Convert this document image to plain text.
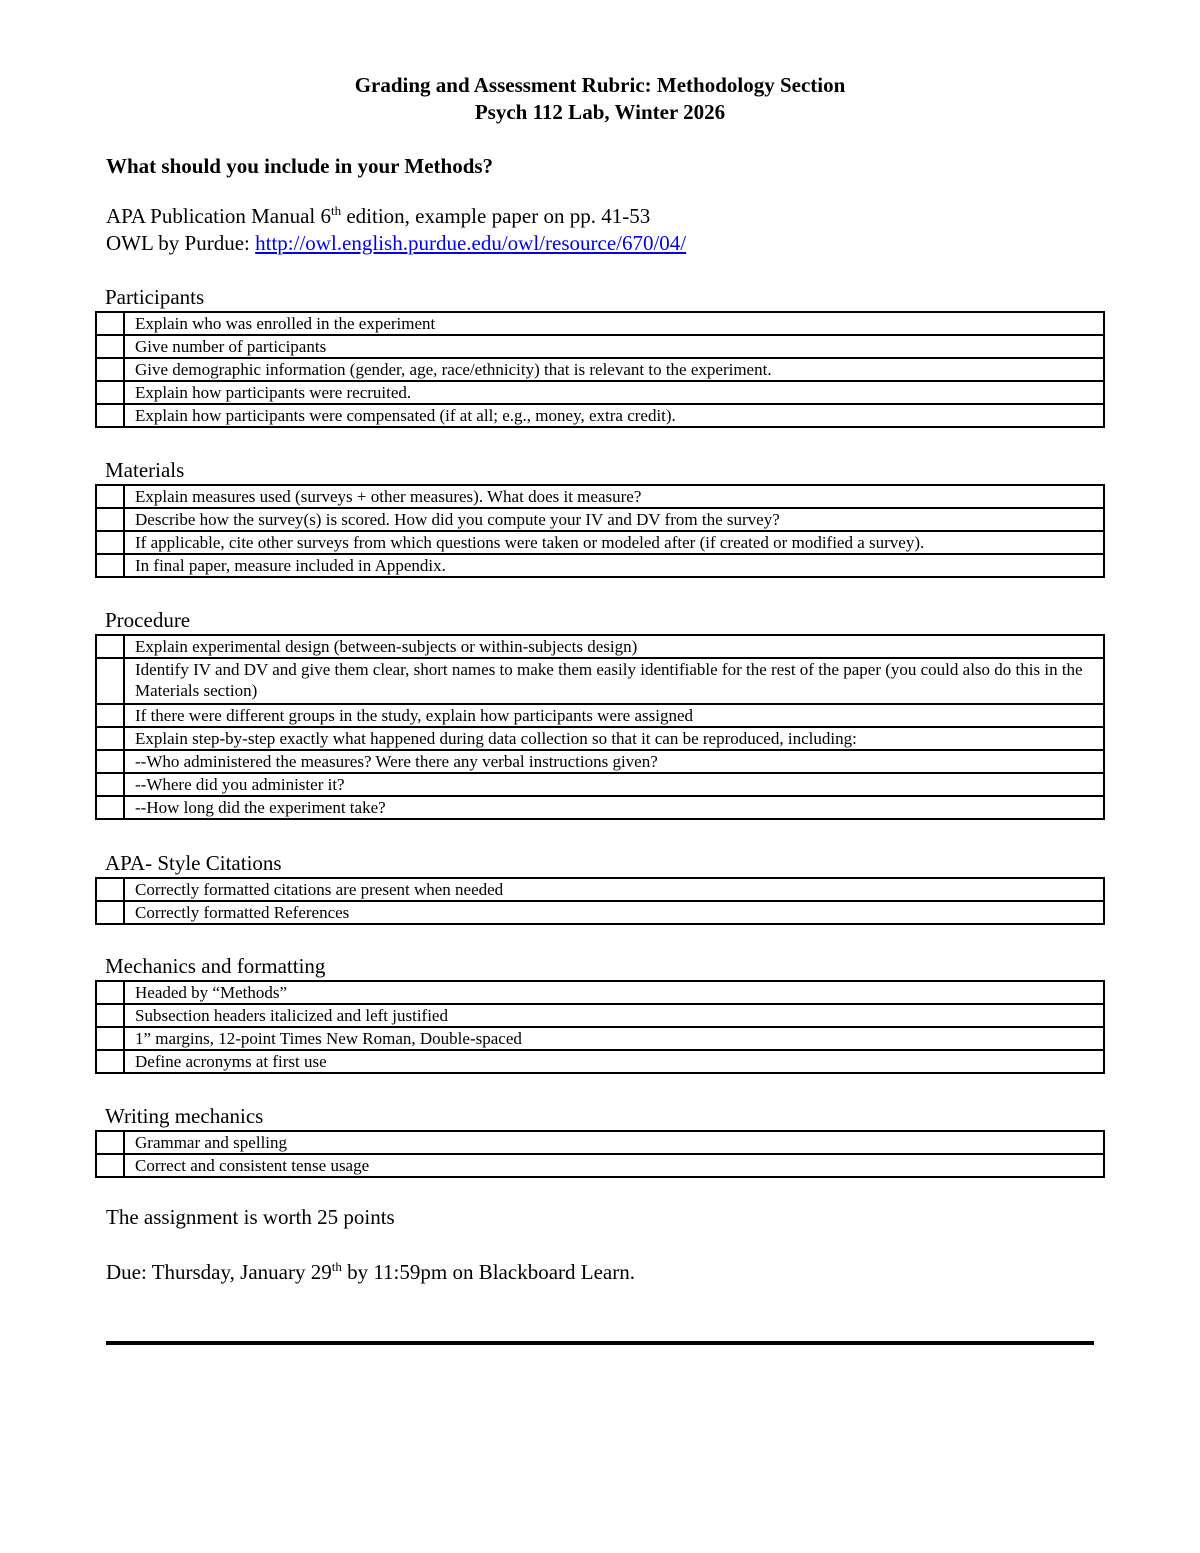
Grading and Assessment Rubric: Methodology Section
Psych 112 Lab, Winter 2026
What should you include in your Methods?
APA Publication Manual 6th edition, example paper on pp. 41-53
OWL by Purdue: http://owl.english.purdue.edu/owl/resource/670/04/
Participants
	Explain who was enrolled in the experiment
	Give number of participants
	Give demographic information (gender, age, race/ethnicity) that is relevant to the experiment.
	Explain how participants were recruited.
	Explain how participants were compensated (if at all; e.g., money, extra credit).
Materials
	Explain measures used (surveys + other measures). What does it measure?
	Describe how the survey(s) is scored. How did you compute your IV and DV from the survey?
	If applicable, cite other surveys from which questions were taken or modeled after (if created or modified a survey).
	In final paper, measure included in Appendix.
Procedure
	Explain experimental design (between-subjects or within-subjects design)
	Identify IV and DV and give them clear, short names to make them easily identifiable for the rest of the paper (you could also do this in the Materials section)
	If there were different groups in the study, explain how participants were assigned
	Explain step-by-step exactly what happened during data collection so that it can be reproduced, including:
	--Who administered the measures? Were there any verbal instructions given?
	--Where did you administer it?
	--How long did the experiment take?
APA- Style Citations
	Correctly formatted citations are present when needed
	Correctly formatted References
Mechanics and formatting
	Headed by “Methods”
	Subsection headers italicized and left justified
	1” margins, 12-point Times New Roman, Double-spaced
	Define acronyms at first use
Writing mechanics
	Grammar and spelling
	Correct and consistent tense usage
The assignment is worth 25 points
Due: Thursday, January 29th by 11:59pm on Blackboard Learn.
